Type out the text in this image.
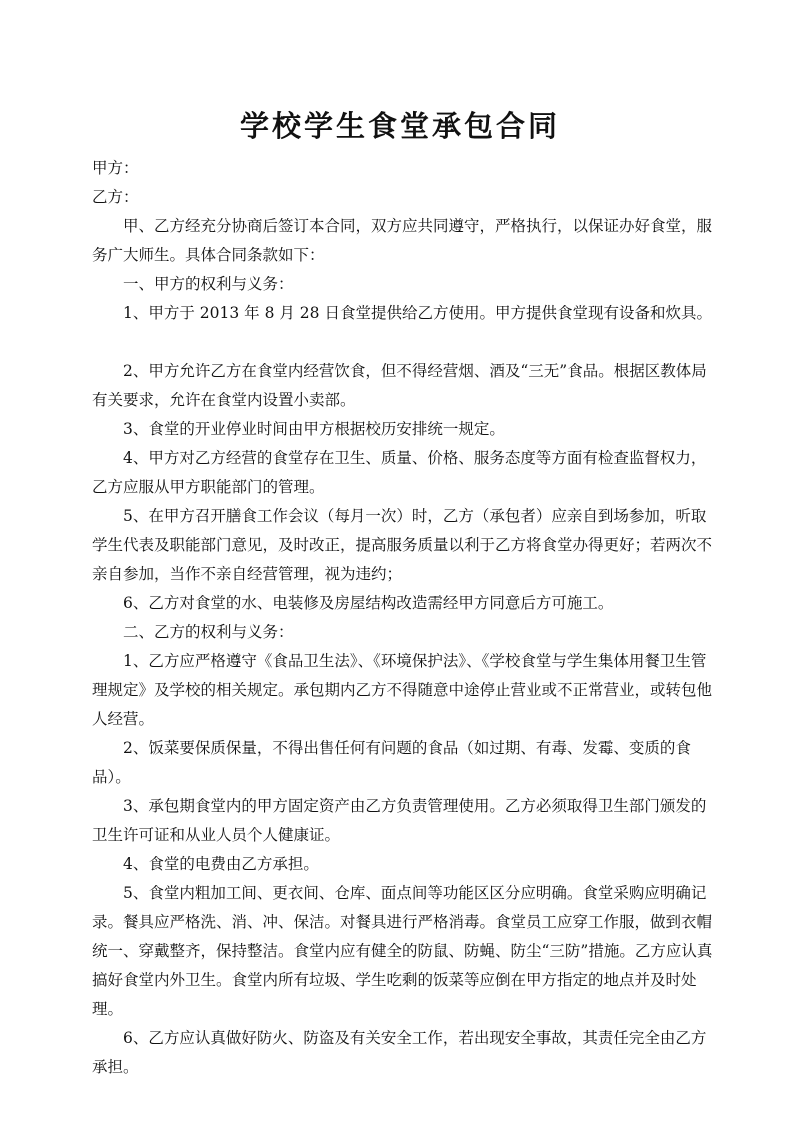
学校学生食堂承包合同

甲方：

乙方：

甲、乙方经充分协商后签订本合同，双方应共同遵守，严格执行，以保证办好食堂，服务广大师生。具体合同条款如下：

一、甲方的权利与义务：

1、甲方于 2013 年 8 月 28 日食堂提供给乙方使用。甲方提供食堂现有设备和炊具。

2、甲方允许乙方在食堂内经营饮食，但不得经营烟、酒及“三无”食品。根据区教体局有关要求，允许在食堂内设置小卖部。

3、食堂的开业停业时间由甲方根据校历安排统一规定。

4、甲方对乙方经营的食堂存在卫生、质量、价格、服务态度等方面有检查监督权力，乙方应服从甲方职能部门的管理。

5、在甲方召开膳食工作会议（每月一次）时，乙方（承包者）应亲自到场参加，听取学生代表及职能部门意见，及时改正，提高服务质量以利于乙方将食堂办得更好；若两次不亲自参加，当作不亲自经营管理，视为违约；

6、乙方对食堂的水、电装修及房屋结构改造需经甲方同意后方可施工。

二、乙方的权利与义务：

1、乙方应严格遵守《食品卫生法》、《环境保护法》、《学校食堂与学生集体用餐卫生管理规定》及学校的相关规定。承包期内乙方不得随意中途停止营业或不正常营业，或转包他人经营。

2、饭菜要保质保量，不得出售任何有问题的食品（如过期、有毒、发霉、变质的食品）。

3、承包期食堂内的甲方固定资产由乙方负责管理使用。乙方必须取得卫生部门颁发的卫生许可证和从业人员个人健康证。

4、食堂的电费由乙方承担。

5、食堂内粗加工间、更衣间、仓库、面点间等功能区区分应明确。食堂采购应明确记录。餐具应严格洗、消、冲、保洁。对餐具进行严格消毒。食堂员工应穿工作服，做到衣帽统一、穿戴整齐，保持整洁。食堂内应有健全的防鼠、防蝇、防尘“三防”措施。乙方应认真搞好食堂内外卫生。食堂内所有垃圾、学生吃剩的饭菜等应倒在甲方指定的地点并及时处理。

6、乙方应认真做好防火、防盗及有关安全工作，若出现安全事故，其责任完全由乙方承担。
